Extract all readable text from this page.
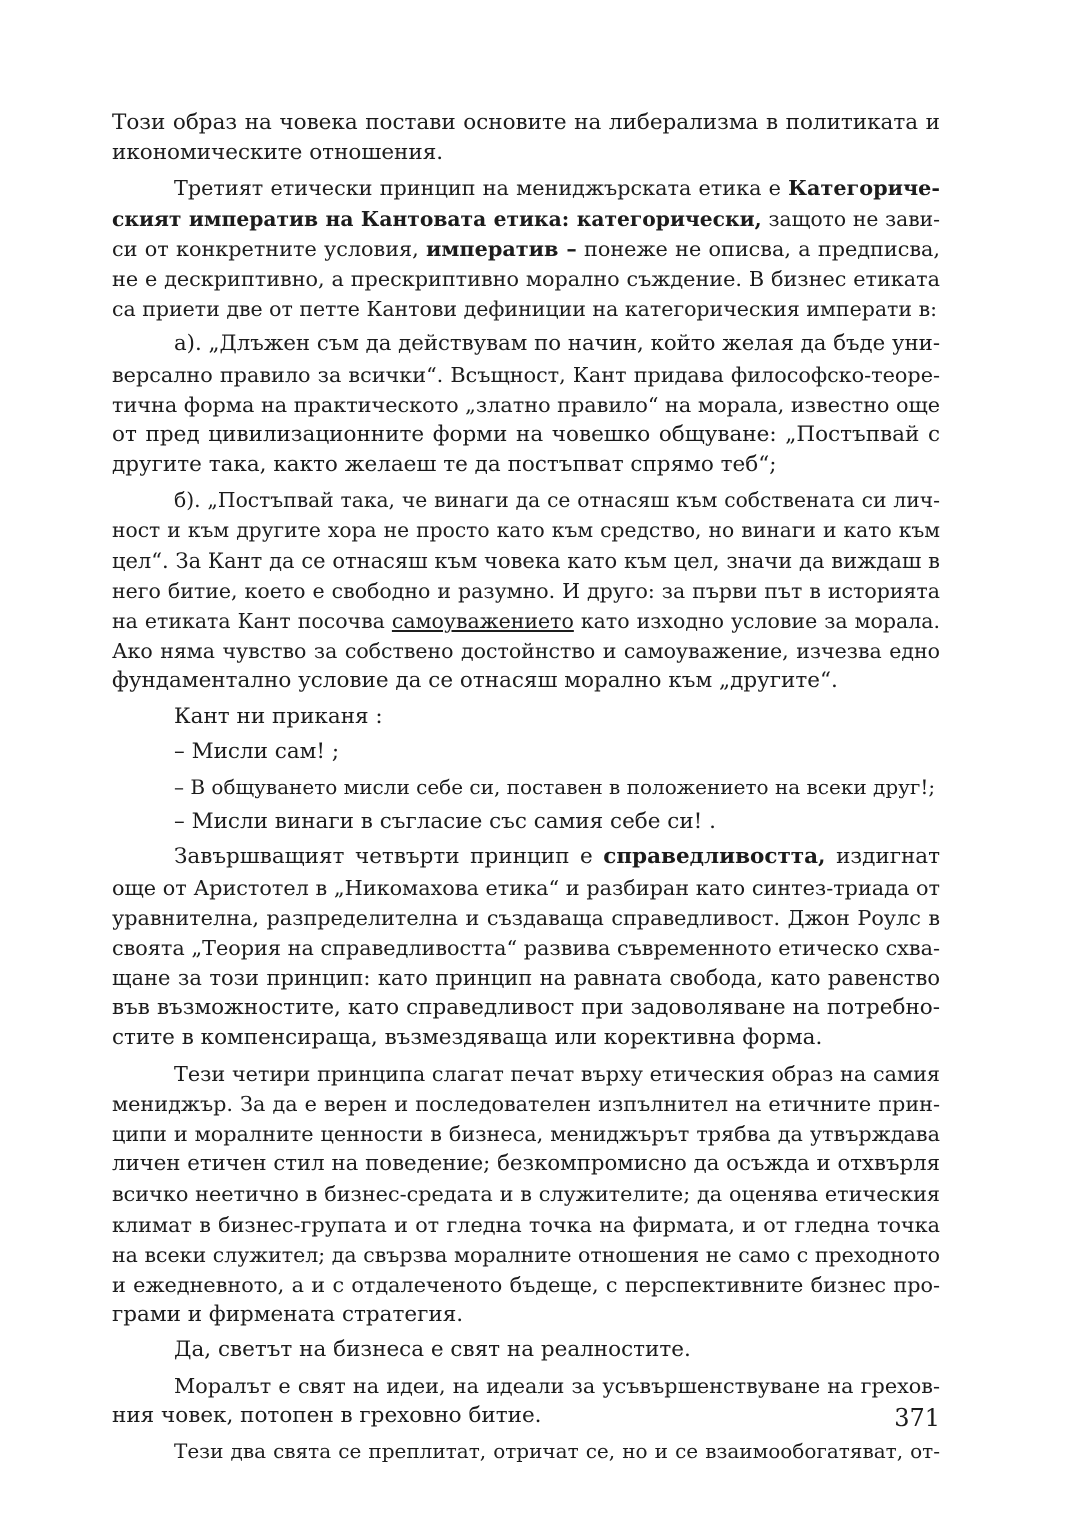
Този образ на човека постави основите на либерализма в политиката и
икономическите отношения.
Третият етически принцип на мениджърската етика е Категориче-
ският императив на Кантовата етика: категорически, защото не зави-
си от конкретните условия, императив – понеже не описва, а предписва,
не е дескриптивно, а прескриптивно морално съждение. В бизнес етиката
са приети две от петте Кантови дефиниции на категорическия императи в:
а). „Длъжен съм да действувам по начин, който желая да бъде уни-
версално правило за всички“. Всъщност, Кант придава философско-теоре-
тична форма на практическото „златно правило“ на морала, известно още
от пред цивилизационните форми на човешко общуване: „Постъпвай с
другите така, както желаеш те да постъпват спрямо теб“;
б). „Постъпвай така, че винаги да се отнасяш към собствената си лич-
ност и към другите хора не просто като към средство, но винаги и като към
цел“. За Кант да се отнасяш към човека като към цел, значи да виждаш в
него битие, което е свободно и разумно. И друго: за първи път в историята
на етиката Кант посочва самоуважението като изходно условие за морала.
Ако няма чувство за собствено достойнство и самоуважение, изчезва едно
фундаментално условие да се отнасяш морално към „другите“.
Кант ни приканя :
– Мисли сам! ;
– В общуването мисли себе си, поставен в положението на всеки друг!;
– Мисли винаги в съгласие със самия себе си! .
Завършващият четвърти принцип е справедливостта, издигнат
още от Аристотел в „Никомахова етика“ и разбиран като синтез-триада от
уравнителна, разпределителна и създаваща справедливост. Джон Роулс в
своята „Теория на справедливостта“ развива съвременното етическо схва-
щане за този принцип: като принцип на равната свобода, като равенство
във възможностите, като справедливост при задоволяване на потребно-
стите в компенсираща, възмездяваща или корективна форма.
Тези четири принципа слагат печат върху етическия образ на самия
мениджър. За да е верен и последователен изпълнител на етичните прин-
ципи и моралните ценности в бизнеса, мениджърът трябва да утвърждава
личен етичен стил на поведение; безкомпромисно да осъжда и отхвърля
всичко неетично в бизнес-средата и в служителите; да оценява етическия
климат в бизнес-групата и от гледна точка на фирмата, и от гледна точка
на всеки служител; да свързва моралните отношения не само с преходното
и ежедневното, а и с отдалеченото бъдеще, с перспективните бизнес про-
грами и фирмената стратегия.
Да, светът на бизнеса е свят на реалностите.
Моралът е свят на идеи, на идеали за усъвършенствуване на грехов-
ния човек, потопен в греховно битие.
Тези два свята се преплитат, отричат се, но и се взаимообогатяват, от-
371
